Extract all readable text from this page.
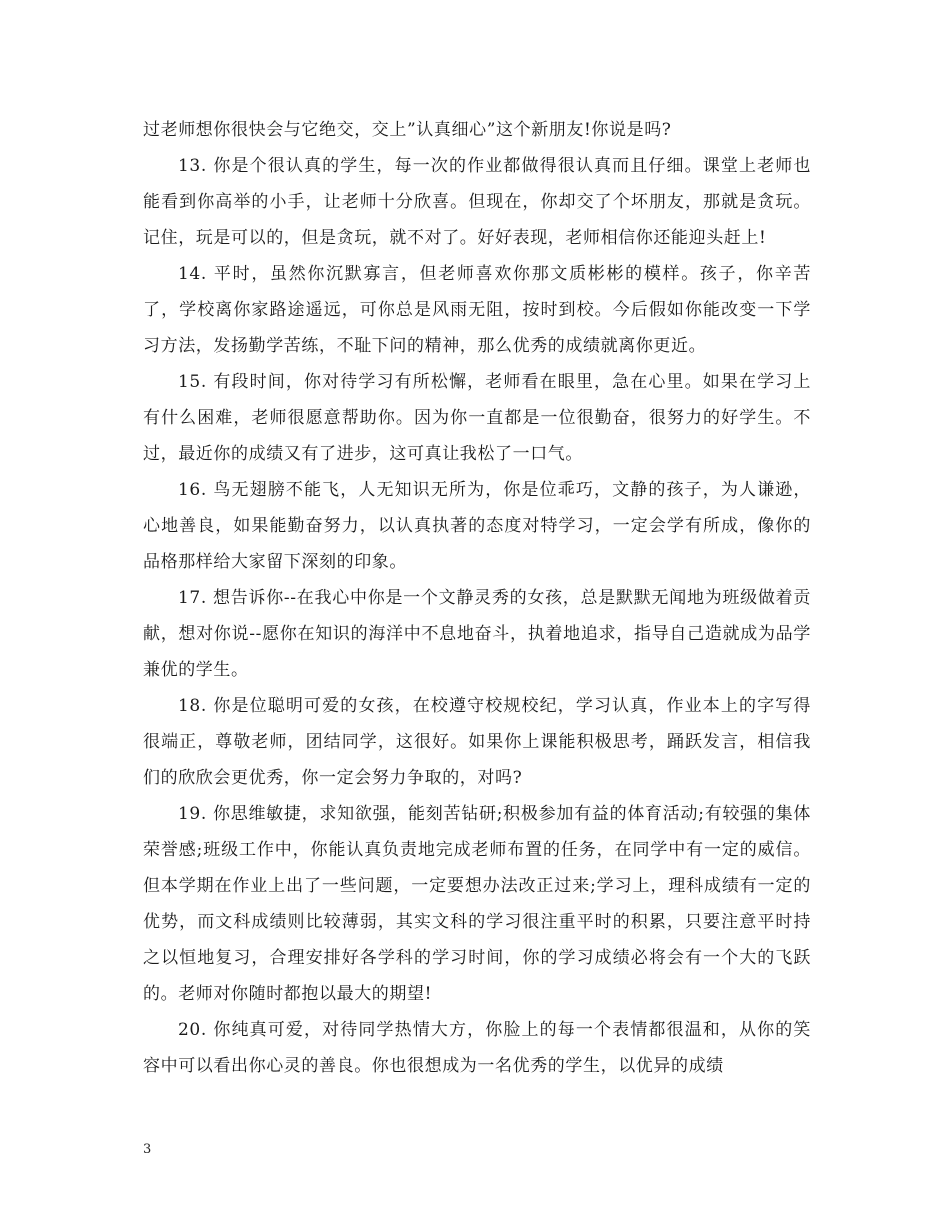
过老师想你很快会与它绝交，交上”认真细心”这个新朋友!你说是吗?

13. 你是个很认真的学生，每一次的作业都做得很认真而且仔细。课堂上老师也能看到你高举的小手，让老师十分欣喜。但现在，你却交了个坏朋友，那就是贪玩。记住，玩是可以的，但是贪玩，就不对了。好好表现，老师相信你还能迎头赶上!

14. 平时，虽然你沉默寡言，但老师喜欢你那文质彬彬的模样。孩子，你辛苦了，学校离你家路途遥远，可你总是风雨无阻，按时到校。今后假如你能改变一下学习方法，发扬勤学苦练，不耻下问的精神，那么优秀的成绩就离你更近。

15. 有段时间，你对待学习有所松懈，老师看在眼里，急在心里。如果在学习上有什么困难，老师很愿意帮助你。因为你一直都是一位很勤奋，很努力的好学生。不过，最近你的成绩又有了进步，这可真让我松了一口气。

16. 鸟无翅膀不能飞，人无知识无所为，你是位乖巧，文静的孩子，为人谦逊，心地善良，如果能勤奋努力，以认真执著的态度对特学习，一定会学有所成，像你的品格那样给大家留下深刻的印象。

17. 想告诉你--在我心中你是一个文静灵秀的女孩，总是默默无闻地为班级做着贡献，想对你说--愿你在知识的海洋中不息地奋斗，执着地追求，指导自己造就成为品学兼优的学生。

18. 你是位聪明可爱的女孩，在校遵守校规校纪，学习认真，作业本上的字写得很端正，尊敬老师，团结同学，这很好。如果你上课能积极思考，踊跃发言，相信我们的欣欣会更优秀，你一定会努力争取的，对吗?

19. 你思维敏捷，求知欲强，能刻苦钻研;积极参加有益的体育活动;有较强的集体荣誉感;班级工作中，你能认真负责地完成老师布置的任务，在同学中有一定的威信。但本学期在作业上出了一些问题，一定要想办法改正过来;学习上，理科成绩有一定的优势，而文科成绩则比较薄弱，其实文科的学习很注重平时的积累，只要注意平时持之以恒地复习，合理安排好各学科的学习时间，你的学习成绩必将会有一个大的飞跃的。老师对你随时都抱以最大的期望!

20. 你纯真可爱，对待同学热情大方，你脸上的每一个表情都很温和，从你的笑容中可以看出你心灵的善良。你也很想成为一名优秀的学生，以优异的成绩

3
